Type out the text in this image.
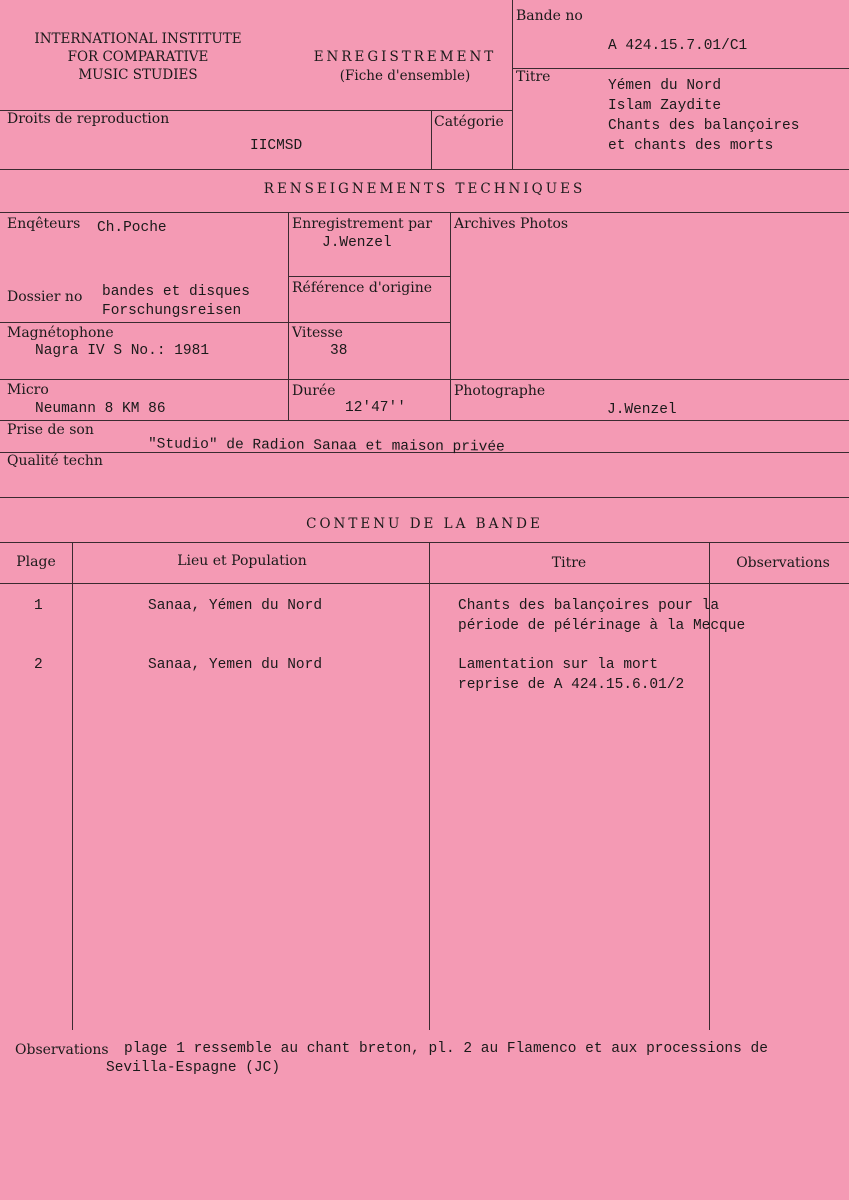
INTERNATIONAL INSTITUTE
FOR COMPARATIVE
MUSIC STUDIES
ENREGISTREMENT
(Fiche d'ensemble)
Bande no
A 424.15.7.01/C1
Titre
Yémen du Nord
Islam Zaydite
Chants des balançoires
et chants des morts
Droits de reproduction
IICMSD
Catégorie
RENSEIGNEMENTS TECHNIQUES
Enqêteurs Ch.Poche	Enregistrement par
J.Wenzel
Archives Photos
Référence d'origine
Dossier no bandes et disques
Forschungsreisen
Magnétophone
Nagra IV S No.: 1981
Vitesse
38
Micro
Neumann 8 KM 86
Durée
12'47''
Photographe
J.Wenzel
Prise de son
"Studio" de Radion Sanaa et maison privée
Qualité techn
CONTENU DE LA BANDE
Plage	Lieu et Population	Titre	Observations
1	Sanaa, Yémen du Nord	Chants des balançoires pour la
période de pélérinage à la Mecque
2	Sanaa, Yemen du Nord	Lamentation sur la mort
reprise de A 424.15.6.01/2
Observations plage 1 ressemble au chant breton, pl. 2 au Flamenco et aux processions de
Sevilla-Espagne (JC)
